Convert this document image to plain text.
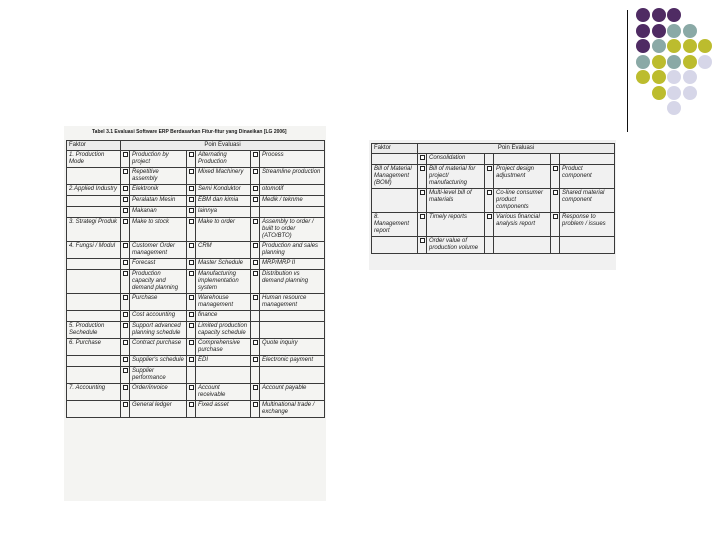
Tabel 3.1 Evaluasi Software ERP Berdasarkan Fitur-fitur yang Dinaeikan [LG 2006]
Faktor	Poin Evaluasi					
1. Production Mode		Production by project		Alternating Production		Process
		Repetitive assembly		Mixed Machinery		Streamline production
2.Applied Industry		Elektronik		Semi Konduktor		otomotif
		Peralatan Mesin		EBM dan kimia		Medik / teknme
		Makanan		lainnya		
3. Strategi Produk		Make to stock		Make to order		Assembly to order / built to order (ATO/BTO)
4. Fungsi / Modul		Customer Order management		CRM		Production and sales planning
		Forecast		Master Schedule		MRP/MRP II
		Production capacity and demand planning		Manufacturing implementation system		Distribution vs demand planning
		Purchase		Warehouse management		Human resource management
		Cost accounting		finance		
5. Production Sechedule		Support advanced planning schedule		Limited production capacity schedule		
6. Purchase		Contract purchase		Comprehensive purchase		Quote inquiry
		Supplier's schedule		EDI		Electronic payment
		Supplier performance				
7. Accounting		Order/invoice		Account receivable		Account payable
		General ledger		Fixed asset		Multinational trade / exchange
Faktor	Poin Evaluasi					
		Consolidation				
Bill of Material Management (BOM)		Bill of material for project/ manufacturing		Project design adjustment		Product component
		Multi-level bill of materials		Co-line consumer product components		Shared material component
8. Management report		Timely reports		Various financial analysis report		Response to problem / issues
		Order value of production volume				
